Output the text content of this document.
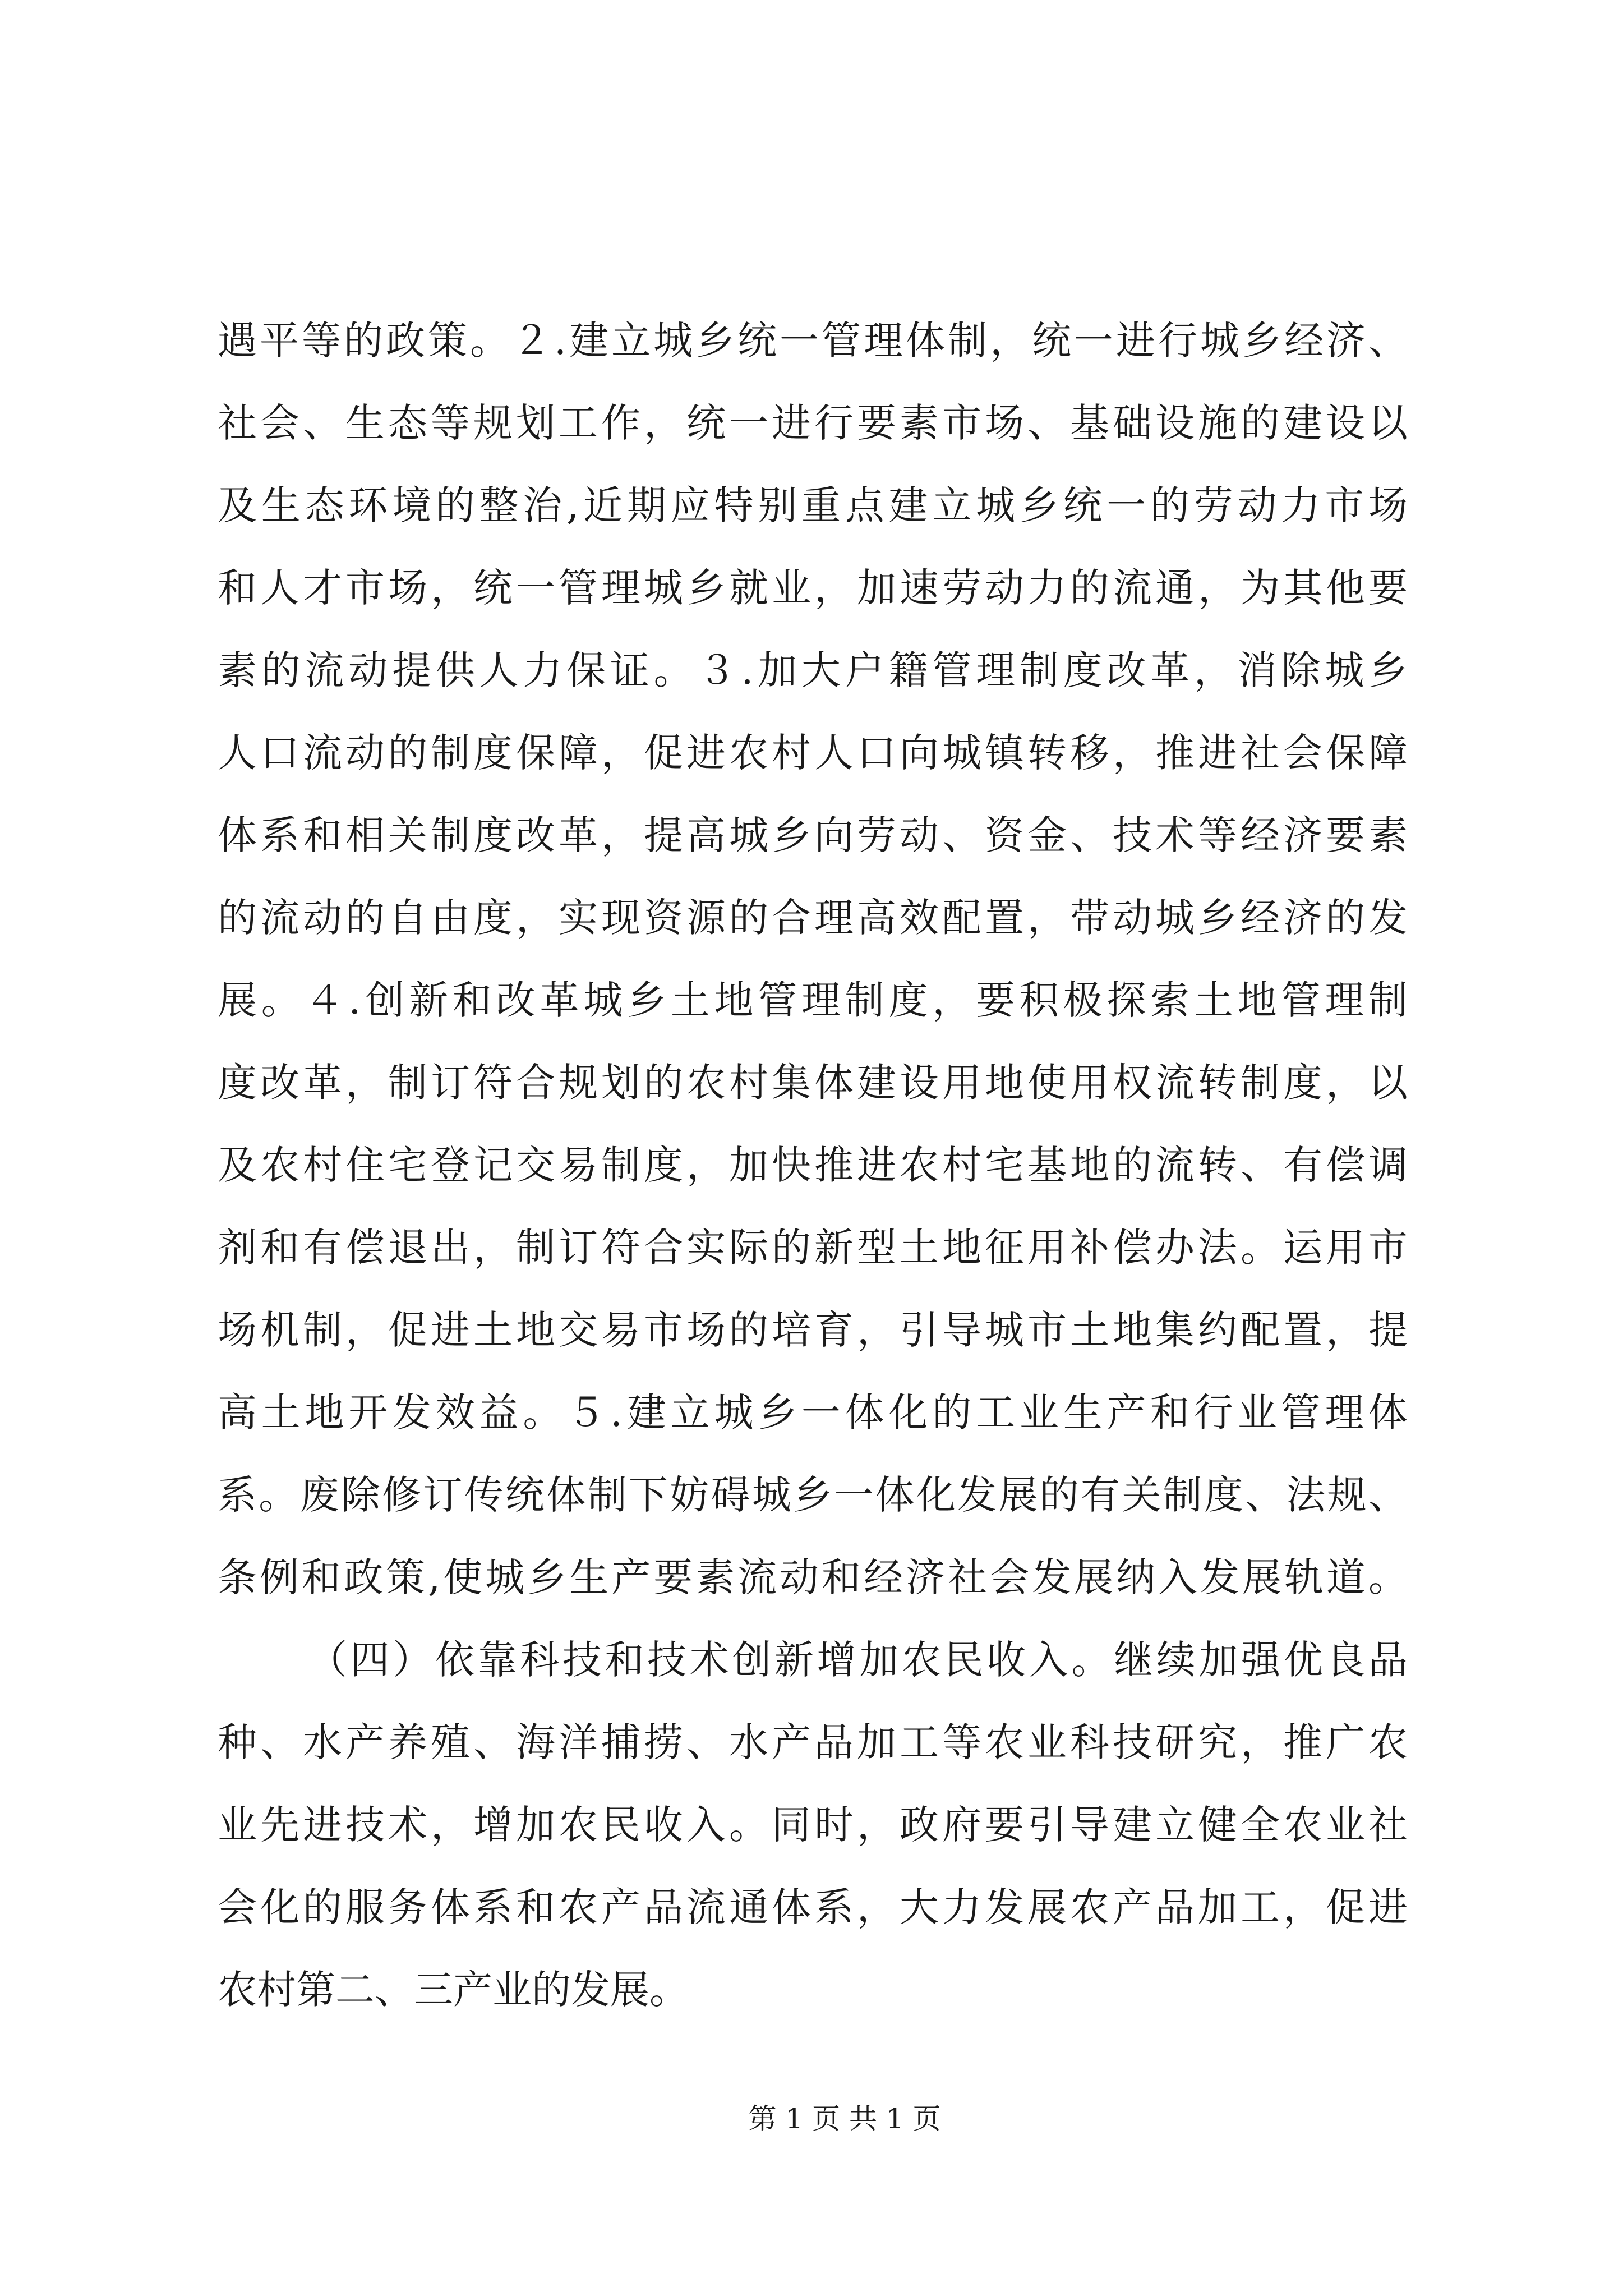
遇平等的政策。２.建立城乡统一管理体制，统一进行城乡经济、
社会、生态等规划工作，统一进行要素市场、基础设施的建设以
及生态环境的整治,近期应特别重点建立城乡统一的劳动力市场
和人才市场，统一管理城乡就业，加速劳动力的流通，为其他要
素的流动提供人力保证。３.加大户籍管理制度改革，消除城乡
人口流动的制度保障，促进农村人口向城镇转移，推进社会保障
体系和相关制度改革，提高城乡向劳动、资金、技术等经济要素
的流动的自由度，实现资源的合理高效配置，带动城乡经济的发
展。４.创新和改革城乡土地管理制度，要积极探索土地管理制
度改革，制订符合规划的农村集体建设用地使用权流转制度，以
及农村住宅登记交易制度，加快推进农村宅基地的流转、有偿调
剂和有偿退出，制订符合实际的新型土地征用补偿办法。运用市
场机制，促进土地交易市场的培育，引导城市土地集约配置，提
高土地开发效益。５.建立城乡一体化的工业生产和行业管理体
系。废除修订传统体制下妨碍城乡一体化发展的有关制度、法规、
条例和政策,使城乡生产要素流动和经济社会发展纳入发展轨道。
（四）依靠科技和技术创新增加农民收入。继续加强优良品
种、水产养殖、海洋捕捞、水产品加工等农业科技研究，推广农
业先进技术，增加农民收入。同时，政府要引导建立健全农业社
会化的服务体系和农产品流通体系，大力发展农产品加工，促进
农村第二、三产业的发展。
第 1 页 共 1 页
